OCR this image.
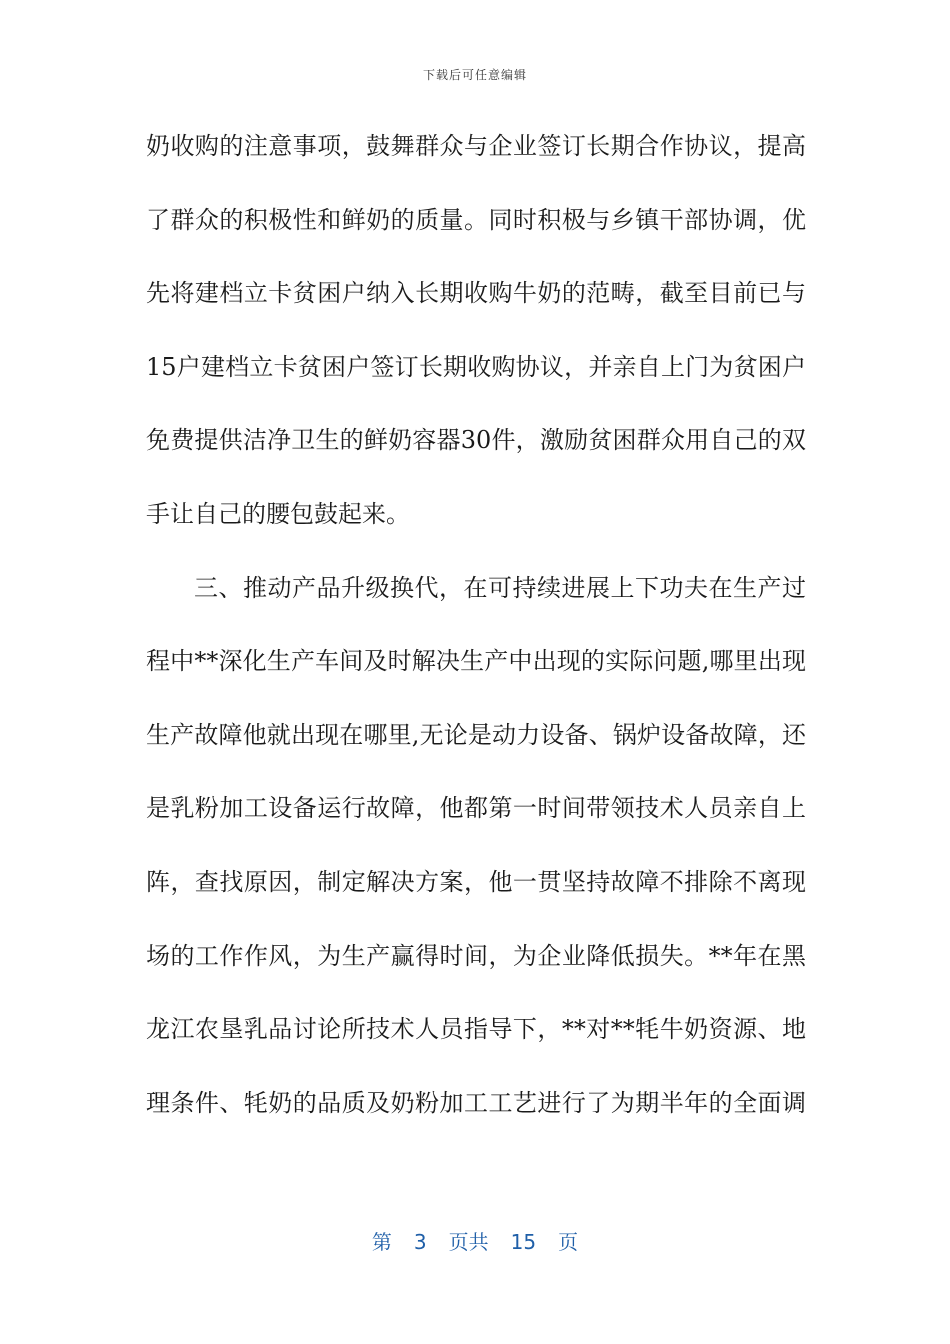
下载后可任意编辑
奶收购的注意事项，鼓舞群众与企业签订长期合作协议，提高
了群众的积极性和鲜奶的质量。同时积极与乡镇干部协调，优
先将建档立卡贫困户纳入长期收购牛奶的范畴，截至目前已与
15户建档立卡贫困户签订长期收购协议，并亲自上门为贫困户
免费提供洁净卫生的鲜奶容器30件，激励贫困群众用自己的双
手让自己的腰包鼓起来。
三、推动产品升级换代，在可持续进展上下功夫在生产过
程中**深化生产车间及时解决生产中出现的实际问题,哪里出现
生产故障他就出现在哪里,无论是动力设备、锅炉设备故障，还
是乳粉加工设备运行故障，他都第一时间带领技术人员亲自上
阵，查找原因，制定解决方案，他一贯坚持故障不排除不离现
场的工作作风，为生产赢得时间，为企业降低损失。**年在黑
龙江农垦乳品讨论所技术人员指导下，**对**牦牛奶资源、地
理条件、牦奶的品质及奶粉加工工艺进行了为期半年的全面调
第 3 页共 15 页
